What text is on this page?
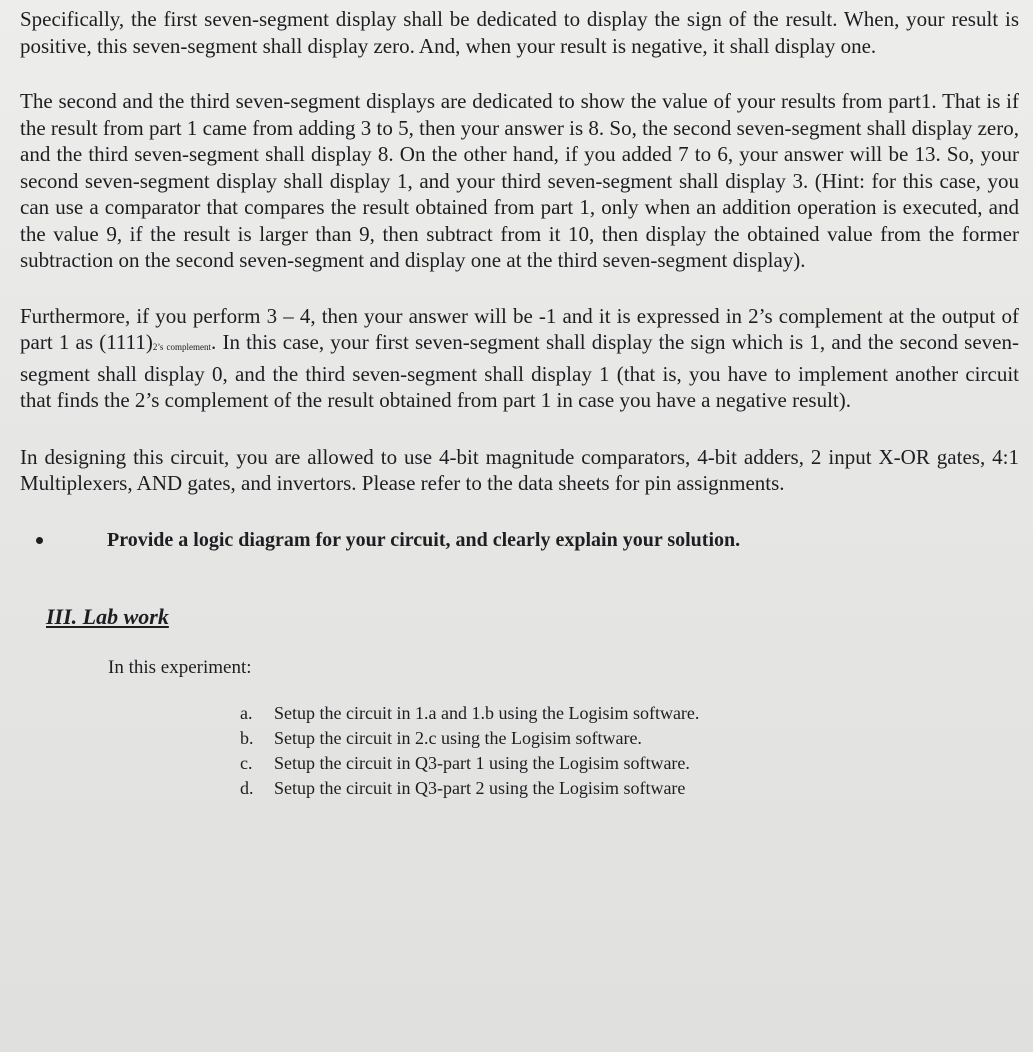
Specifically, the first seven-segment display shall be dedicated to display the sign of the result. When, your result is positive, this seven-segment shall display zero. And, when your result is negative, it shall display one.

The second and the third seven-segment displays are dedicated to show the value of your results from part1. That is if the result from part 1 came from adding 3 to 5, then your answer is 8. So, the second seven-segment shall display zero, and the third seven-segment shall display 8. On the other hand, if you added 7 to 6, your answer will be 13. So, your second seven-segment display shall display 1, and your third seven-segment shall display 3. (Hint: for this case, you can use a comparator that compares the result obtained from part 1, only when an addition operation is executed, and the value 9, if the result is larger than 9, then subtract from it 10, then display the obtained value from the former subtraction on the second seven-segment and display one at the third seven-segment display).

Furthermore, if you perform 3 – 4, then your answer will be -1 and it is expressed in 2’s complement at the output of part 1 as (1111)2’s complement. In this case, your first seven-segment shall display the sign which is 1, and the second seven-segment shall display 0, and the third seven-segment shall display 1 (that is, you have to implement another circuit that finds the 2’s complement of the result obtained from part 1 in case you have a negative result).

In designing this circuit, you are allowed to use 4-bit magnitude comparators, 4-bit adders, 2 input X-OR gates, 4:1 Multiplexers, AND gates, and invertors. Please refer to the data sheets for pin assignments.

Provide a logic diagram for your circuit, and clearly explain your solution.
III. Lab work
In this experiment:
a.	Setup the circuit in 1.a and 1.b using the Logisim software.
b.	Setup the circuit in 2.c using the Logisim software.
c.	Setup the circuit in Q3-part 1 using the Logisim software.
d.	Setup the circuit in Q3-part 2 using the Logisim software
